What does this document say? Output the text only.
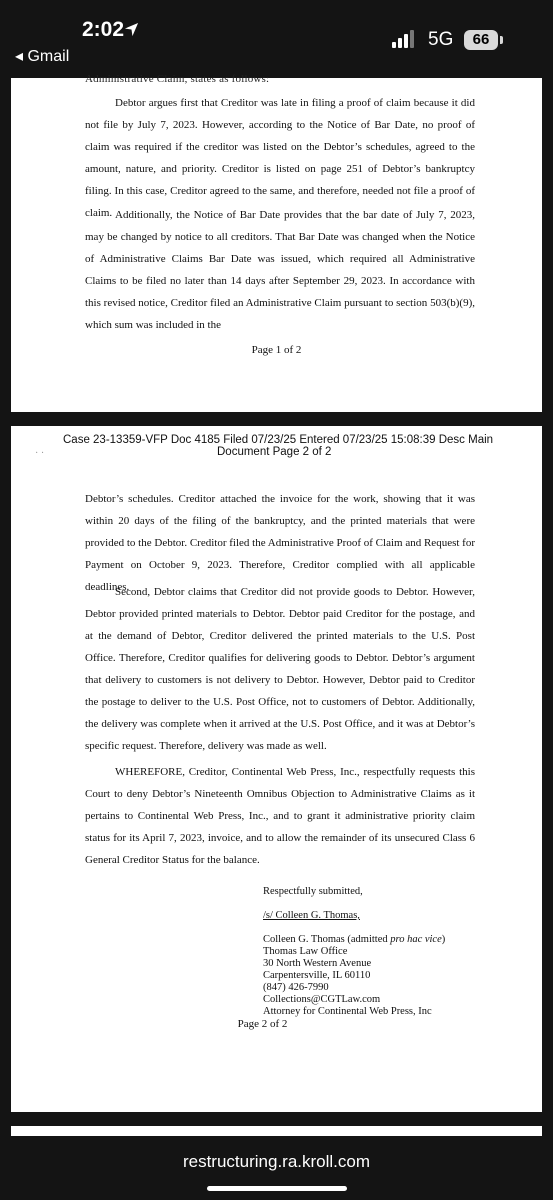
2:02
◂ Gmail
5G	66
Administrative Claim, states as follows:
Debtor argues first that Creditor was late in filing a proof of claim because it did not file by July 7, 2023. However, according to the Notice of Bar Date, no proof of claim was required if the creditor was listed on the Debtor’s schedules, agreed to the amount, nature, and priority. Creditor is listed on page 251 of Debtor’s bankruptcy filing. In this case, Creditor agreed to the same, and therefore, needed not file a proof of claim. Additionally, the Notice of Bar Date provides that the bar date of July 7, 2023, may be changed by notice to all creditors. That Bar Date was changed when the Notice of Administrative Claims Bar Date was issued, which required all Administrative Claims to be filed no later than 14 days after September 29, 2023. In accordance with this revised notice, Creditor filed an Administrative Claim pursuant to section 503(b)(9), which sum was included in the
Page 1 of 2
· ·
Case 23-13359-VFP Doc 4185 Filed 07/23/25 Entered 07/23/25 15:08:39 Desc Main
Document Page 2 of 2
Debtor’s schedules. Creditor attached the invoice for the work, showing that it was within 20 days of the filing of the bankruptcy, and the printed materials that were provided to the Debtor. Creditor filed the Administrative Proof of Claim and Request for Payment on October 9, 2023. Therefore, Creditor complied with all applicable deadlines.
Second, Debtor claims that Creditor did not provide goods to Debtor. However, Debtor provided printed materials to Debtor. Debtor paid Creditor for the postage, and at the demand of Debtor, Creditor delivered the printed materials to the U.S. Post Office. Therefore, Creditor qualifies for delivering goods to Debtor. Debtor’s argument that delivery to customers is not delivery to Debtor. However, Debtor paid to Creditor the postage to deliver to the U.S. Post Office, not to customers of Debtor. Additionally, the delivery was complete when it arrived at the U.S. Post Office, and it was at Debtor’s specific request. Therefore, delivery was made as well.
WHEREFORE, Creditor, Continental Web Press, Inc., respectfully requests this Court to deny Debtor’s Nineteenth Omnibus Objection to Administrative Claims as it pertains to Continental Web Press, Inc., and to grant it administrative priority claim status for its April 7, 2023, invoice, and to allow the remainder of its unsecured Class 6 General Creditor Status for the balance.
Respectfully submitted,
/s/ Colleen G. Thomas,
Colleen G. Thomas (admitted pro hac vice)
Thomas Law Office
30 North Western Avenue
Carpentersville, IL 60110
(847) 426-7990
Collections@CGTLaw.com
Attorney for Continental Web Press, Inc
Page 2 of 2
restructuring.ra.kroll.com
